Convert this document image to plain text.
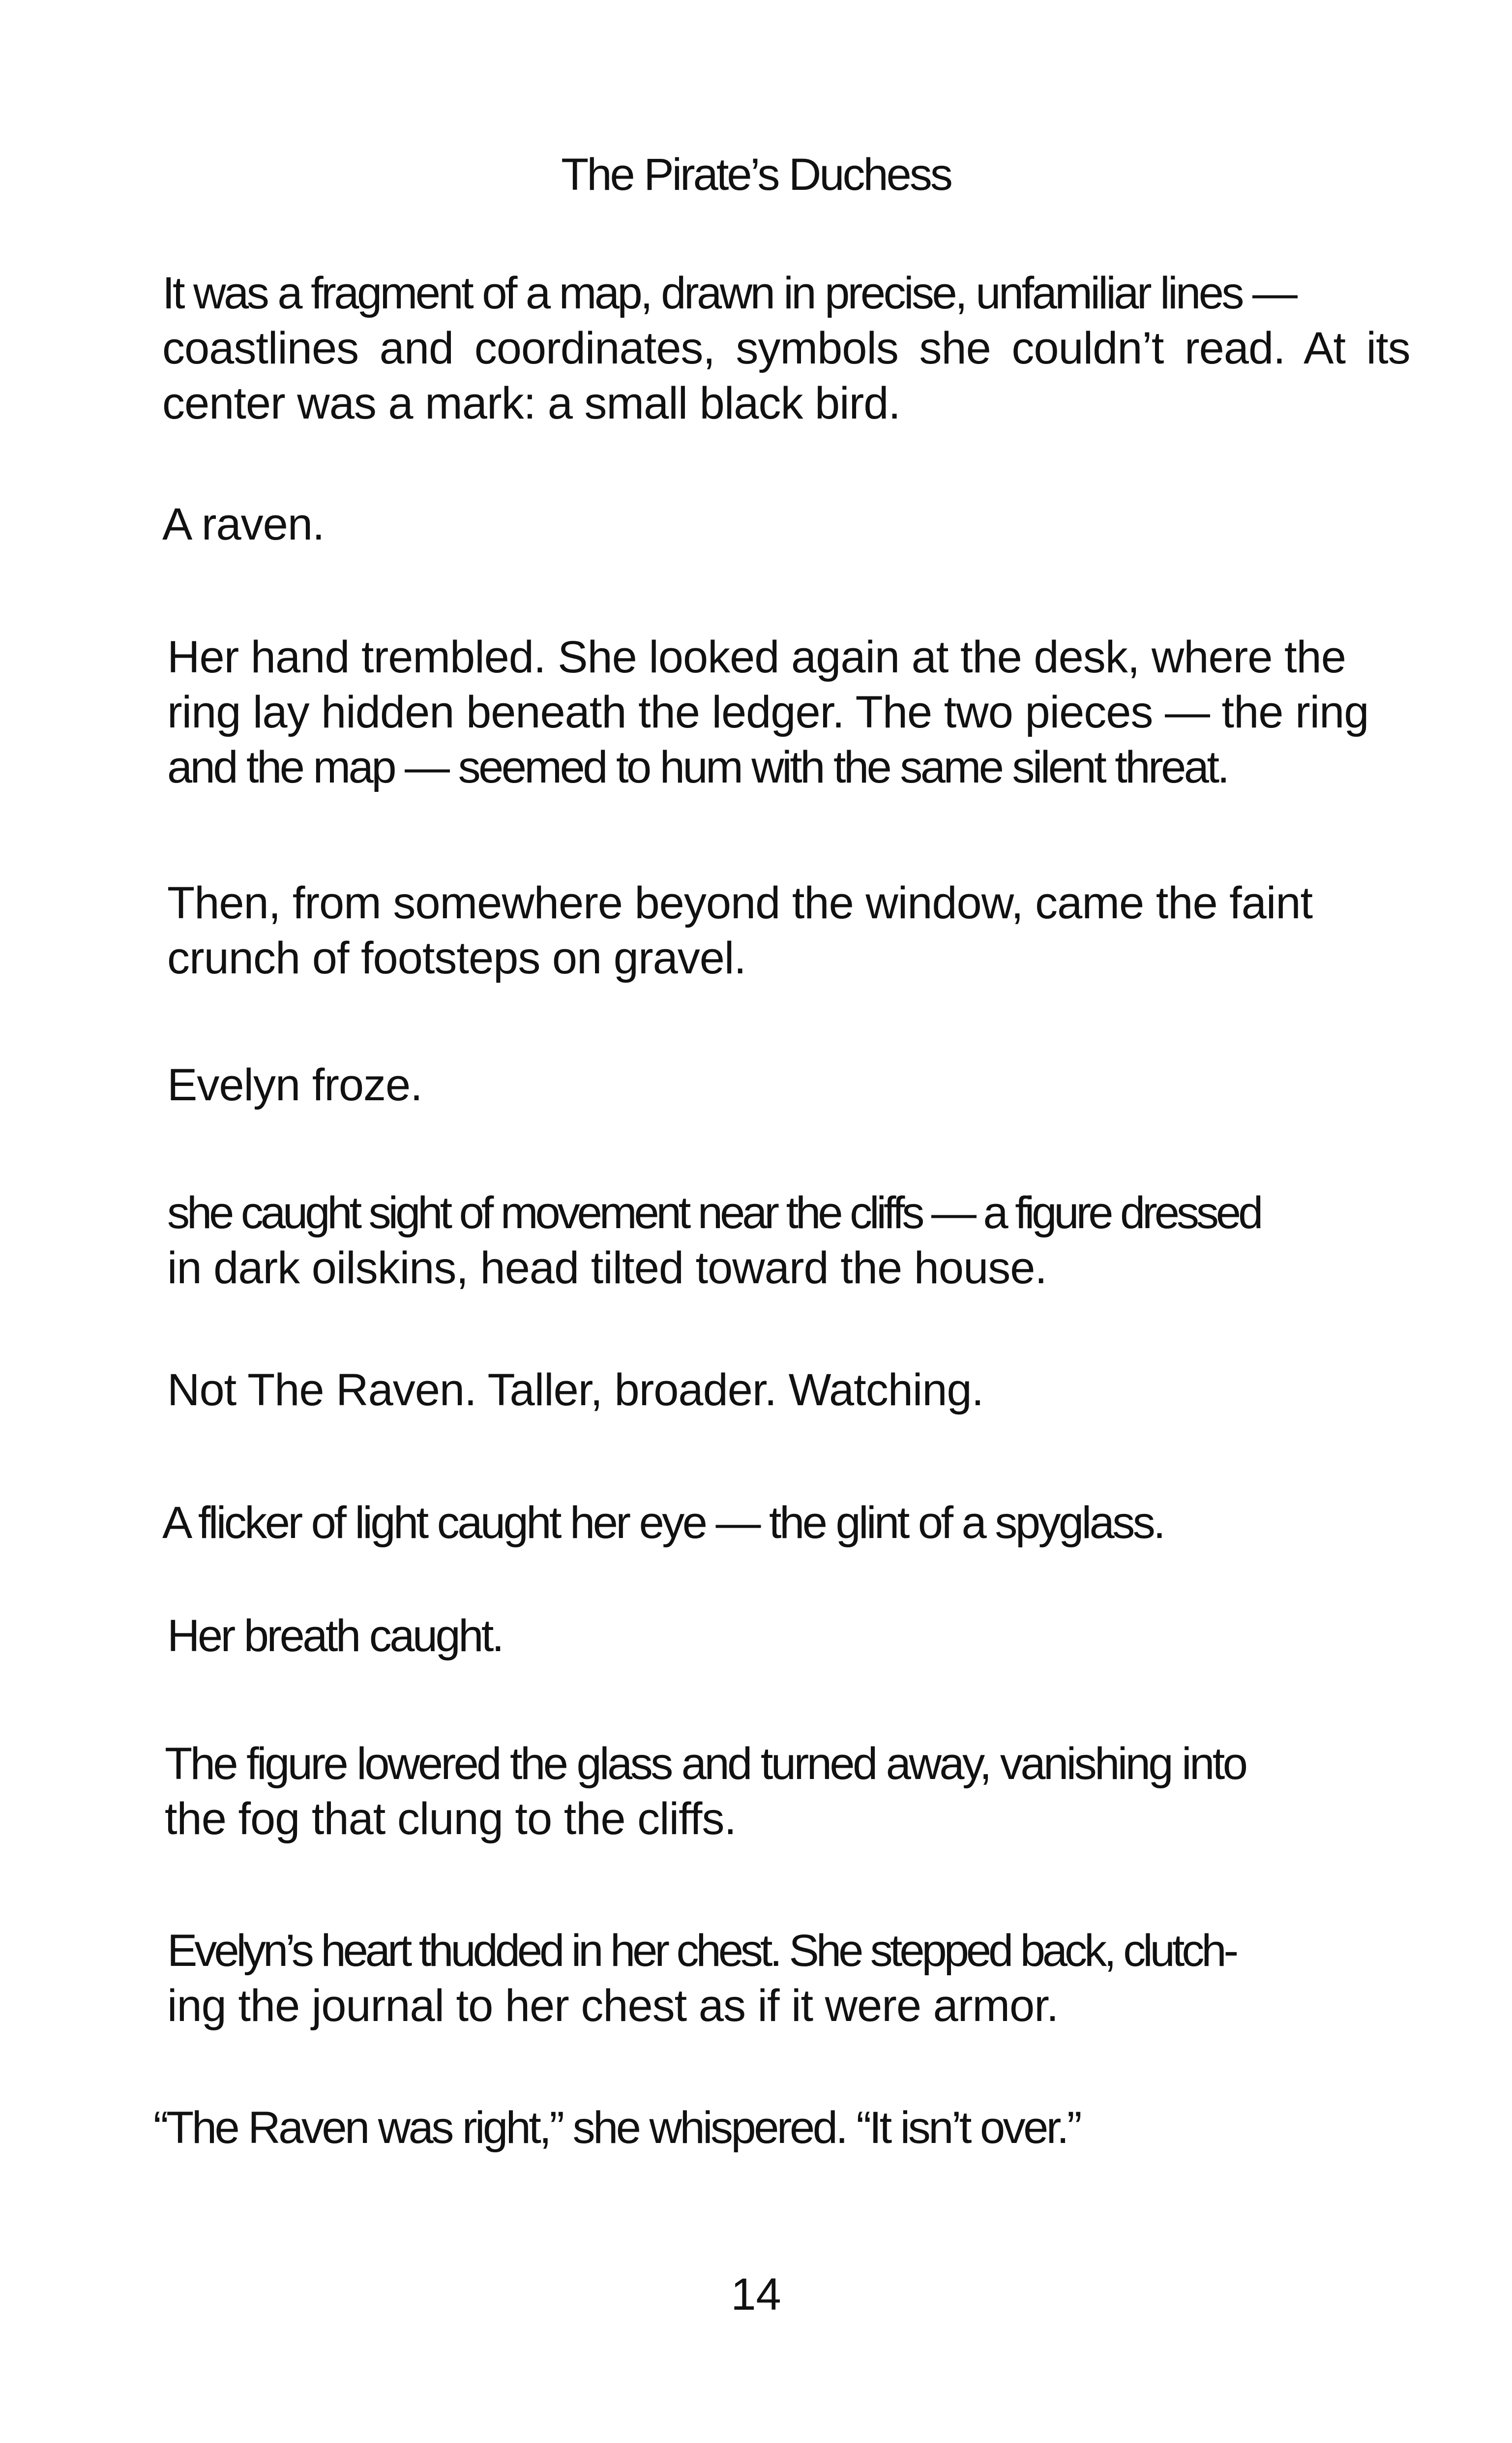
The Pirate’s Duchess
It was a fragment of a map, drawn in precise, unfamiliar lines —
coastlines and coordinates, symbols she couldn’t read. At its
center was a mark: a small black bird.
A raven.
Her hand trembled. She looked again at the desk, where the
ring lay hidden beneath the ledger. The two pieces — the ring
and the map — seemed to hum with the same silent threat.
Then, from somewhere beyond the window, came the faint
crunch of footsteps on gravel.
Evelyn froze.
she caught sight of movement near the cliffs — a figure dressed
in dark oilskins, head tilted toward the house.
Not The Raven. Taller, broader. Watching.
A flicker of light caught her eye — the glint of a spyglass.
Her breath caught.
The figure lowered the glass and turned away, vanishing into
the fog that clung to the cliffs.
Evelyn’s heart thudded in her chest. She stepped back, clutch-
ing the journal to her chest as if it were armor.
“The Raven was right,” she whispered. “It isn’t over.”
14
